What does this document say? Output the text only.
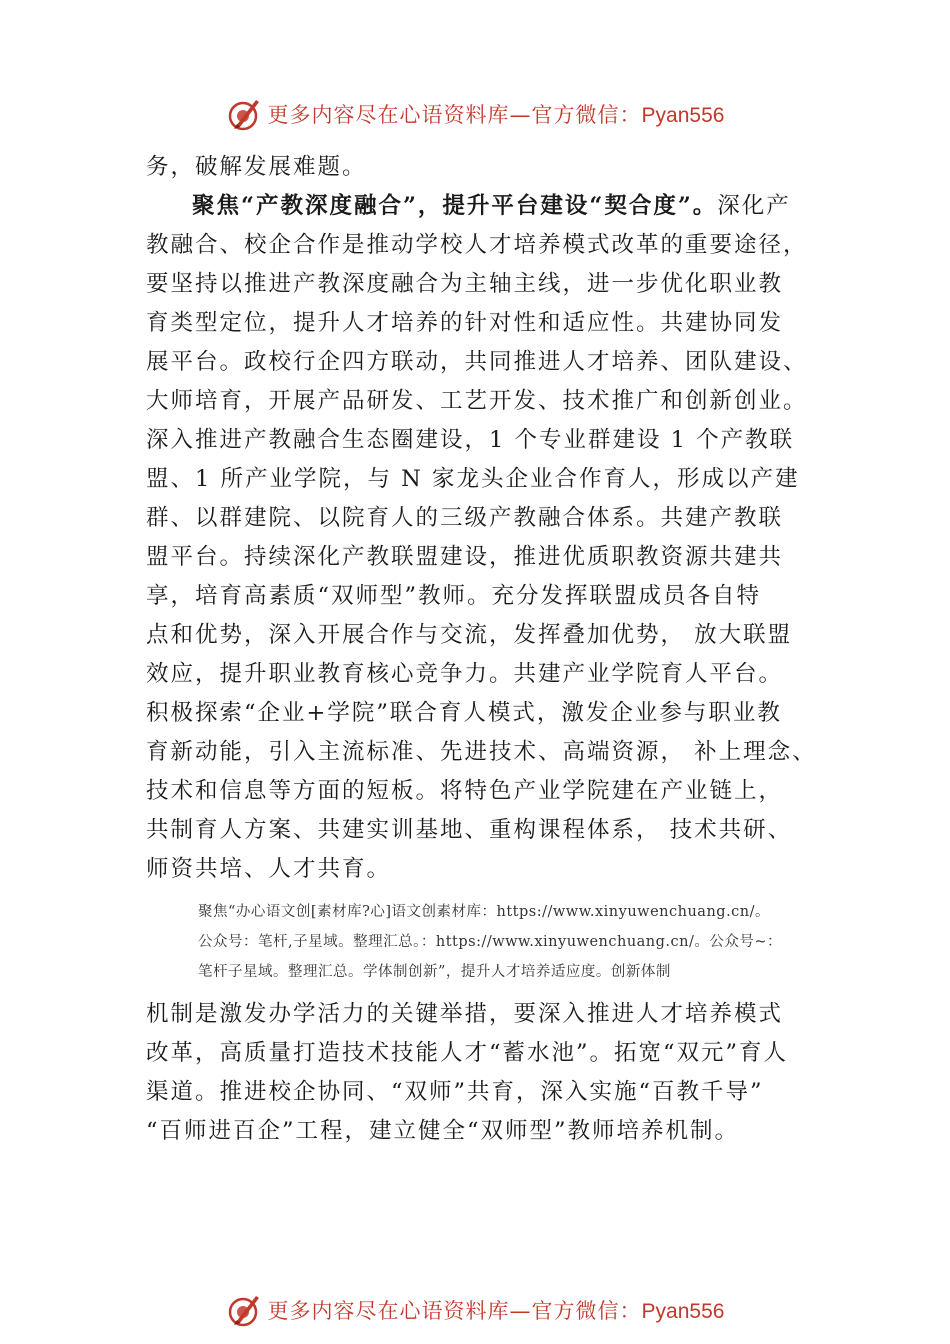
更多内容尽在心语资料库—官方微信：Pyan556
务，破解发展难题。
聚焦“产教深度融合”，提升平台建设“契合度”。深化产
教融合、校企合作是推动学校人才培养模式改革的重要途径，
要坚持以推进产教深度融合为主轴主线，进一步优化职业教
育类型定位，提升人才培养的针对性和适应性。共建协同发
展平台。政校行企四方联动，共同推进人才培养、团队建设、
大师培育，开展产品研发、工艺开发、技术推广和创新创业。
深入推进产教融合生态圈建设，1 个专业群建设 1 个产教联
盟、1 所产业学院，与 N 家龙头企业合作育人，形成以产建
群、以群建院、以院育人的三级产教融合体系。共建产教联
盟平台。持续深化产教联盟建设，推进优质职教资源共建共
享，培育高素质“双师型”教师。充分发挥联盟成员各自特
点和优势，深入开展合作与交流，发挥叠加优势， 放大联盟
效应，提升职业教育核心竞争力。共建产业学院育人平台。
积极探索“企业+学院”联合育人模式，激发企业参与职业教
育新动能，引入主流标准、先进技术、高端资源， 补上理念、
技术和信息等方面的短板。将特色产业学院建在产业链上，
共制育人方案、共建实训基地、重构课程体系， 技术共研、
师资共培、人才共育。
聚焦“办心语文创[素材库?心]语文创素材库：https://www.xinyuwenchuang.cn/。
公众号：笔杆,子星域。整理汇总。：https://www.xinyuwenchuang.cn/。公众号~：
笔杆子星域。整理汇总。学体制创新”，提升人才培养适应度。创新体制
机制是激发办学活力的关键举措，要深入推进人才培养模式
改革，高质量打造技术技能人才“蓄水池”。拓宽“双元”育人
渠道。推进校企协同、“双师”共育，深入实施“百教千导”
“百师进百企”工程，建立健全“双师型”教师培养机制。
更多内容尽在心语资料库—官方微信：Pyan556
